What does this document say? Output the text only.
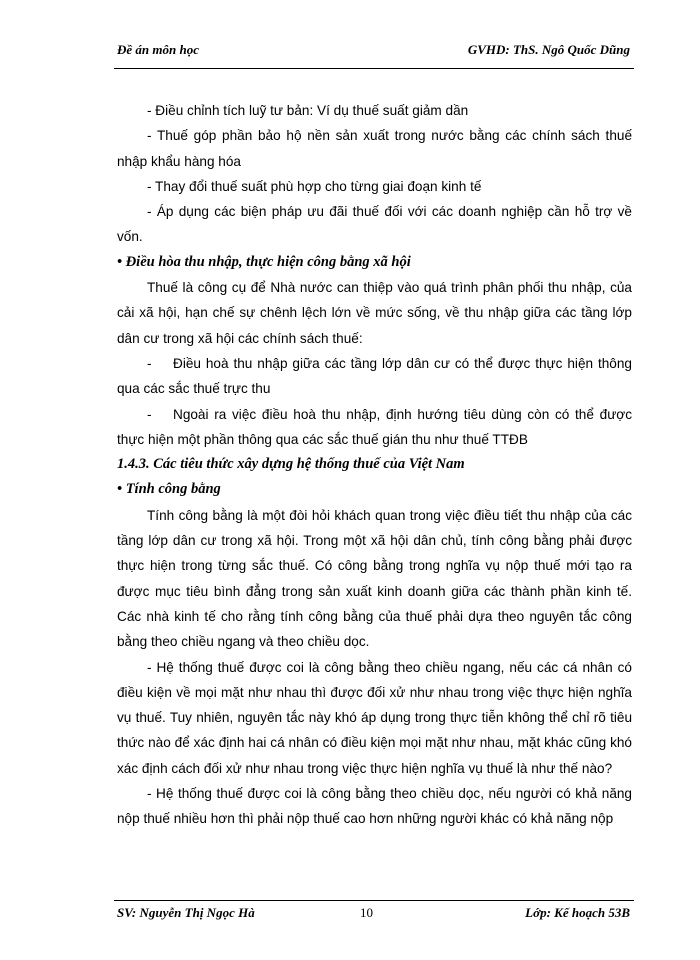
Đề án môn học	GVHD: ThS. Ngô Quốc Dũng

- Điều chỉnh tích luỹ tư bản: Ví dụ thuế suất giảm dần

- Thuế góp phần bảo hộ nền sản xuất trong nước bằng các chính sách thuế nhập khẩu hàng hóa

- Thay đổi thuế suất phù hợp cho từng giai đoạn kinh tế

- Áp dụng các biện pháp ưu đãi thuế đối với các doanh nghiệp cần hỗ trợ về vốn.

• Điều hòa thu nhập, thực hiện công bằng xã hội

Thuế là công cụ để Nhà nước can thiệp vào quá trình phân phối thu nhập, của cải xã hội, hạn chế sự chênh lệch lớn về mức sống, về thu nhập giữa các tầng lớp dân cư trong xã hội các chính sách thuế:

- Điều hoà thu nhập giữa các tầng lớp dân cư có thể được thực hiện thông qua các sắc thuế trực thu

- Ngoài ra việc điều hoà thu nhập, định hướng tiêu dùng còn có thể được thực hiện một phần thông qua các sắc thuế gián thu như thuế TTĐB

1.4.3. Các tiêu thức xây dựng hệ thống thuế của Việt Nam

• Tính công bằng

Tính công bằng là một đòi hỏi khách quan trong việc điều tiết thu nhập của các tầng lớp dân cư trong xã hội. Trong một xã hội dân chủ, tính công bằng phải được thực hiện trong từng sắc thuế. Có công bằng trong nghĩa vụ nộp thuế mới tạo ra được mục tiêu bình đẳng trong sản xuất kinh doanh giữa các thành phần kinh tế. Các nhà kinh tế cho rằng tính công bằng của thuế phải dựa theo nguyên tắc công bằng theo chiều ngang và theo chiều dọc.

- Hệ thống thuế được coi là công bằng theo chiều ngang, nếu các cá nhân có điều kiện về mọi mặt như nhau thì được đối xử như nhau trong việc thực hiện nghĩa vụ thuế. Tuy nhiên, nguyên tắc này khó áp dụng trong thực tiễn không thể chỉ rõ tiêu thức nào để xác định hai cá nhân có điều kiện mọi mặt như nhau, mặt khác cũng khó xác định cách đối xử như nhau trong việc thực hiện nghĩa vụ thuế là như thế nào?

- Hệ thống thuế được coi là công bằng theo chiều dọc, nếu người có khả năng nộp thuế nhiều hơn thì phải nộp thuế cao hơn những người khác có khả năng nộp

SV: Nguyễn Thị Ngọc Hà	10	Lớp: Kế hoạch 53B
